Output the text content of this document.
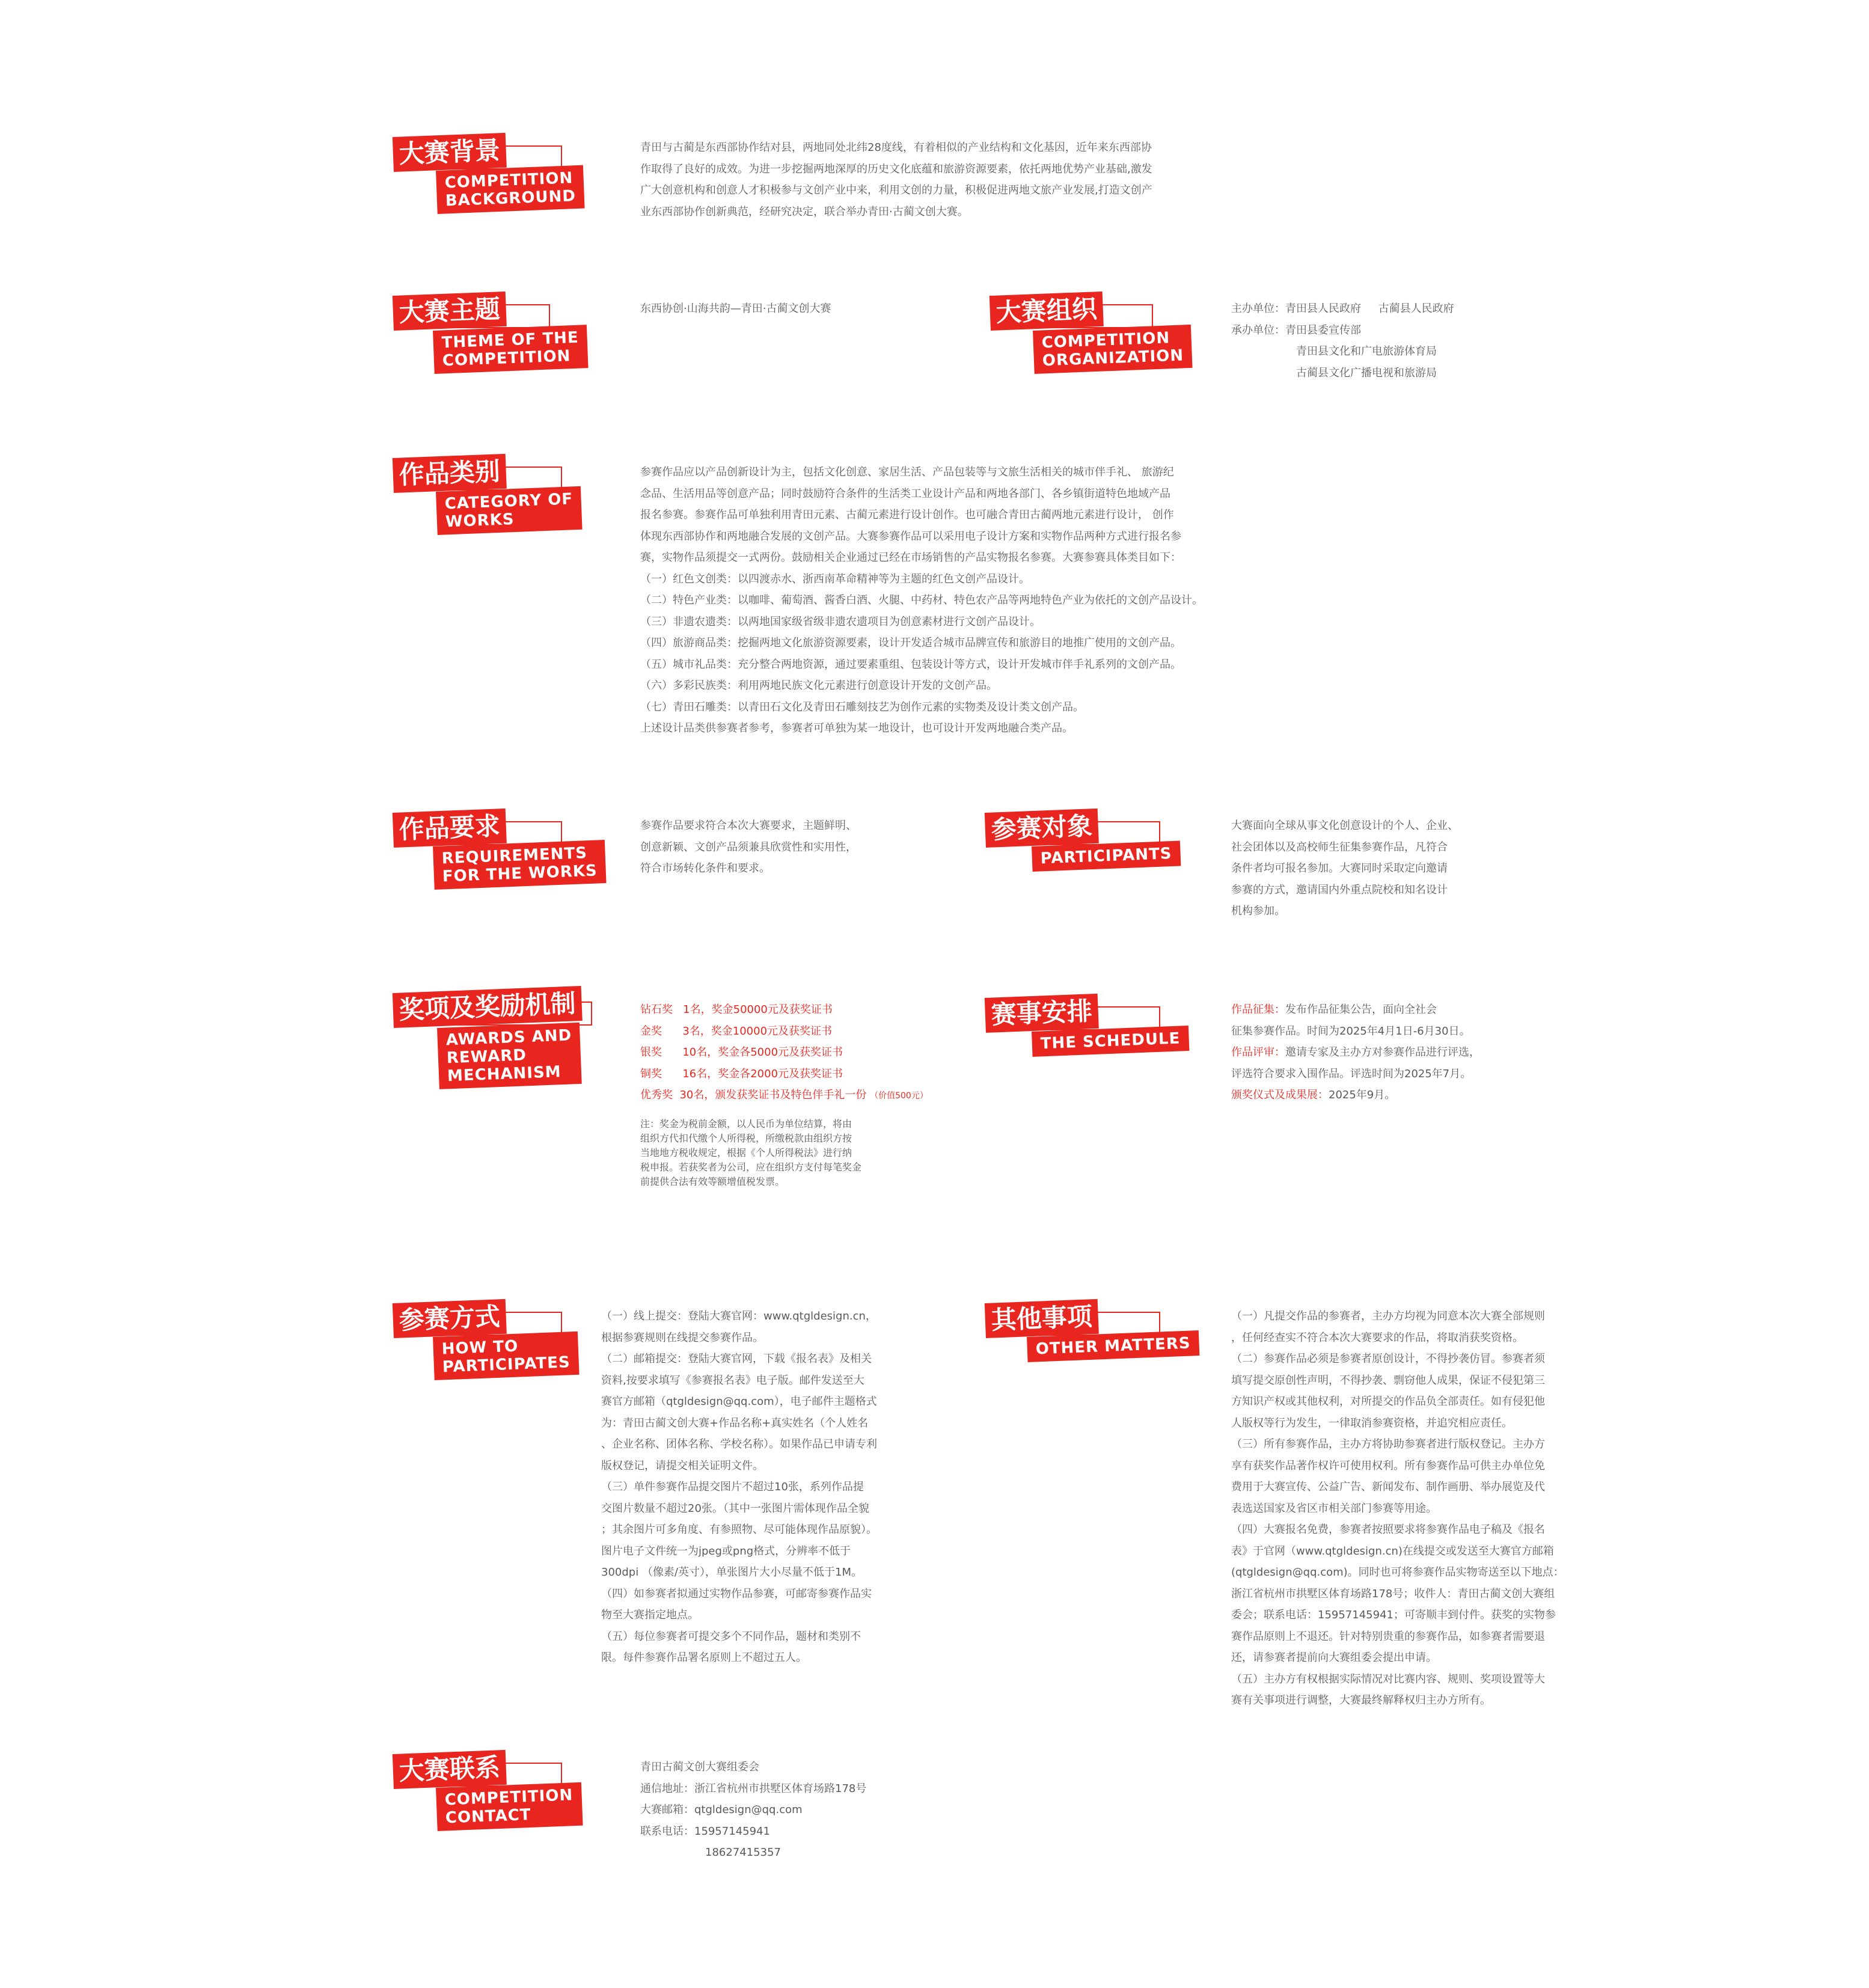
大赛背景
COMPETITION
BACKGROUND

青田与古蔺是东西部协作结对县，两地同处北纬28度线，有着相似的产业结构和文化基因，近年来东西部协

作取得了良好的成效。为进一步挖掘两地深厚的历史文化底蕴和旅游资源要素，依托两地优势产业基础,激发

广大创意机构和创意人才积极参与文创产业中来，利用文创的力量，积极促进两地文旅产业发展,打造文创产

业东西部协作创新典范，经研究决定，联合举办青田·古蔺文创大赛。

大赛主题
THEME OF THE
COMPETITION
东西协创·山海共韵—青田·古蔺文创大赛	大赛组织
COMPETITION
ORGANIZATION

主办单位：青田县人民政府     古蔺县人民政府

承办单位：青田县委宣传部

青田县文化和广电旅游体育局

古蔺县文化广播电视和旅游局

作品类别
CATEGORY OF
WORKS

参赛作品应以产品创新设计为主，包括文化创意、家居生活、产品包装等与文旅生活相关的城市伴手礼、 旅游纪

念品、生活用品等创意产品；同时鼓励符合条件的生活类工业设计产品和两地各部门、各乡镇街道特色地域产品

报名参赛。参赛作品可单独利用青田元素、古蔺元素进行设计创作。也可融合青田古蔺两地元素进行设计， 创作

体现东西部协作和两地融合发展的文创产品。大赛参赛作品可以采用电子设计方案和实物作品两种方式进行报名参

赛，实物作品须提交一式两份。鼓励相关企业通过已经在市场销售的产品实物报名参赛。大赛参赛具体类目如下：

（一）红色文创类：以四渡赤水、浙西南革命精神等为主题的红色文创产品设计。

（二）特色产业类：以咖啡、葡萄酒、酱香白酒、火腿、中药材、特色农产品等两地特色产业为依托的文创产品设计。

（三）非遗农遗类：以两地国家级省级非遗农遗项目为创意素材进行文创产品设计。

（四）旅游商品类：挖掘两地文化旅游资源要素，设计开发适合城市品牌宣传和旅游目的地推广使用的文创产品。

（五）城市礼品类：充分整合两地资源，通过要素重组、包装设计等方式，设计开发城市伴手礼系列的文创产品。

（六）多彩民族类：利用两地民族文化元素进行创意设计开发的文创产品。

（七）青田石雕类：以青田石文化及青田石雕刻技艺为创作元素的实物类及设计类文创产品。

上述设计品类供参赛者参考，参赛者可单独为某一地设计，也可设计开发两地融合类产品。

作品要求
REQUIREMENTS
FOR THE WORKS

参赛作品要求符合本次大赛要求，主题鲜明、

创意新颖、文创产品须兼具欣赏性和实用性，

符合市场转化条件和要求。

参赛对象
PARTICIPANTS

大赛面向全球从事文化创意设计的个人、企业、

社会团体以及高校师生征集参赛作品，凡符合

条件者均可报名参加。大赛同时采取定向邀请

参赛的方式，邀请国内外重点院校和知名设计

机构参加。

奖项及奖励机制
AWARDS AND
REWARD
MECHANISM

钻石奖   1名，奖金50000元及获奖证书

金奖      3名，奖金10000元及获奖证书

银奖      10名，奖金各5000元及获奖证书

铜奖      16名，奖金各2000元及获奖证书

优秀奖  30名，颁发获奖证书及特色伴手礼一份 （价值500元）

注：奖金为税前金额，以人民币为单位结算，将由

组织方代扣代缴个人所得税，所缴税款由组织方按

当地地方税收规定，根据《个人所得税法》进行纳

税申报。若获奖者为公司，应在组织方支付每笔奖金

前提供合法有效等额增值税发票。

赛事安排
THE SCHEDULE

作品征集：发布作品征集公告，面向全社会

征集参赛作品。时间为2025年4月1日-6月30日。

作品评审：邀请专家及主办方对参赛作品进行评选，

评选符合要求入围作品。评选时间为2025年7月。

颁奖仪式及成果展：2025年9月。

参赛方式
HOW TO
PARTICIPATES

（一）线上提交：登陆大赛官网：www.qtgldesign.cn，

根据参赛规则在线提交参赛作品。

（二）邮箱提交：登陆大赛官网，下载《报名表》及相关

资料,按要求填写《参赛报名表》电子版。邮件发送至大

赛官方邮箱（qtgldesign@qq.com），电子邮件主题格式

为：青田古蔺文创大赛+作品名称+真实姓名（个人姓名

、企业名称、团体名称、学校名称）。如果作品已申请专利

版权登记，请提交相关证明文件。

（三）单件参赛作品提交图片不超过10张，系列作品提

交图片数量不超过20张。（其中一张图片需体现作品全貌

；其余图片可多角度、有参照物、尽可能体现作品原貌）。

图片电子文件统一为jpeg或png格式，分辨率不低于

300dpi （像素/英寸），单张图片大小尽量不低于1M。

（四）如参赛者拟通过实物作品参赛，可邮寄参赛作品实

物至大赛指定地点。

（五）每位参赛者可提交多个不同作品，题材和类别不

限。每件参赛作品署名原则上不超过五人。

其他事项
OTHER MATTERS

（一）凡提交作品的参赛者，主办方均视为同意本次大赛全部规则

，任何经查实不符合本次大赛要求的作品，将取消获奖资格。

（二）参赛作品必须是参赛者原创设计，不得抄袭仿冒。参赛者须

填写提交原创性声明，不得抄袭、剽窃他人成果，保证不侵犯第三

方知识产权或其他权利，对所提交的作品负全部责任。如有侵犯他

人版权等行为发生，一律取消参赛资格，并追究相应责任。

（三）所有参赛作品，主办方将协助参赛者进行版权登记。主办方

享有获奖作品著作权许可使用权利。所有参赛作品可供主办单位免

费用于大赛宣传、公益广告、新闻发布、制作画册、举办展览及代

表选送国家及省区市相关部门参赛等用途。

（四）大赛报名免费，参赛者按照要求将参赛作品电子稿及《报名

表》于官网（www.qtgldesign.cn)在线提交或发送至大赛官方邮箱

(qtgldesign@qq.com)。同时也可将参赛作品实物寄送至以下地点：

浙江省杭州市拱墅区体育场路178号；收件人：青田古蔺文创大赛组

委会；联系电话：15957145941；可寄顺丰到付件。获奖的实物参

赛作品原则上不退还。针对特别贵重的参赛作品，如参赛者需要退

还，请参赛者提前向大赛组委会提出申请。

（五）主办方有权根据实际情况对比赛内容、规则、奖项设置等大

赛有关事项进行调整，大赛最终解释权归主办方所有。

大赛联系
COMPETITION
CONTACT

青田古蔺文创大赛组委会

通信地址：浙江省杭州市拱墅区体育场路178号

大赛邮箱：qtgldesign@qq.com

联系电话：15957145941

18627415357
